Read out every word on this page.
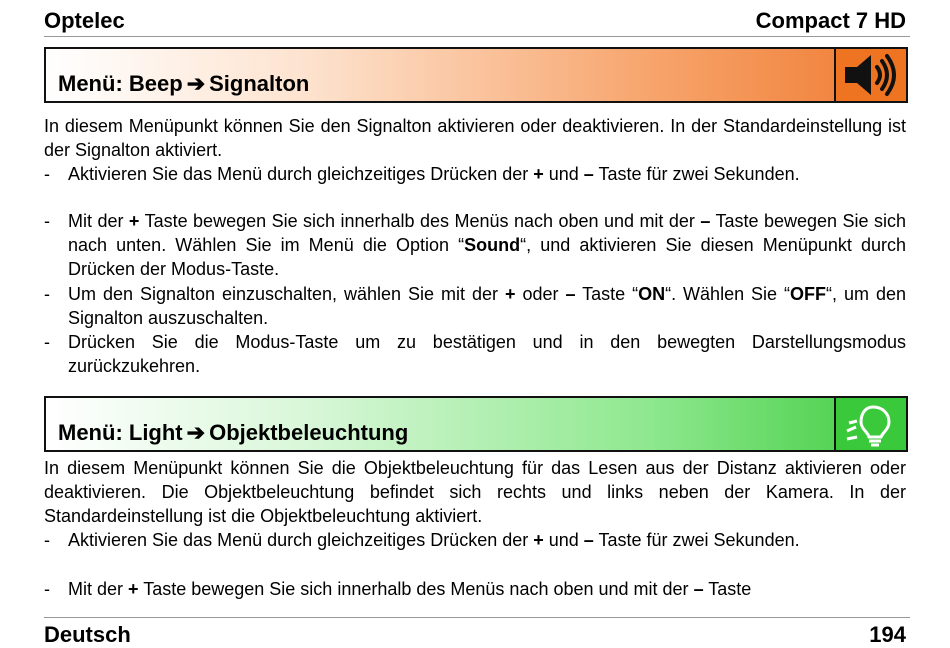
Optelec	Compact 7 HD
Menü: Beep ➔ Signalton
In diesem Menüpunkt können Sie den Signalton aktivieren oder deaktivieren. In der Standardeinstellung ist der Signalton aktiviert.
- Aktivieren Sie das Menü durch gleichzeitiges Drücken der + und – Taste für zwei Sekunden.
- Mit der + Taste bewegen Sie sich innerhalb des Menüs nach oben und mit der – Taste bewegen Sie sich nach unten. Wählen Sie im Menü die Option “Sound“, und aktivieren Sie diesen Menüpunkt durch Drücken der Modus-Taste.
- Um den Signalton einzuschalten, wählen Sie mit der + oder – Taste “ON“. Wählen Sie “OFF“, um den Signalton auszuschalten.
- Drücken Sie die Modus-Taste um zu bestätigen und in den bewegten Darstellungsmodus zurückzukehren.
Menü: Light ➔ Objektbeleuchtung
In diesem Menüpunkt können Sie die Objektbeleuchtung für das Lesen aus der Distanz aktivieren oder deaktivieren. Die Objektbeleuchtung befindet sich rechts und links neben der Kamera. In der Standardeinstellung ist die Objektbeleuchtung aktiviert.
- Aktivieren Sie das Menü durch gleichzeitiges Drücken der + und – Taste für zwei Sekunden.
- Mit der + Taste bewegen Sie sich innerhalb des Menüs nach oben und mit der – Taste
Deutsch	194
